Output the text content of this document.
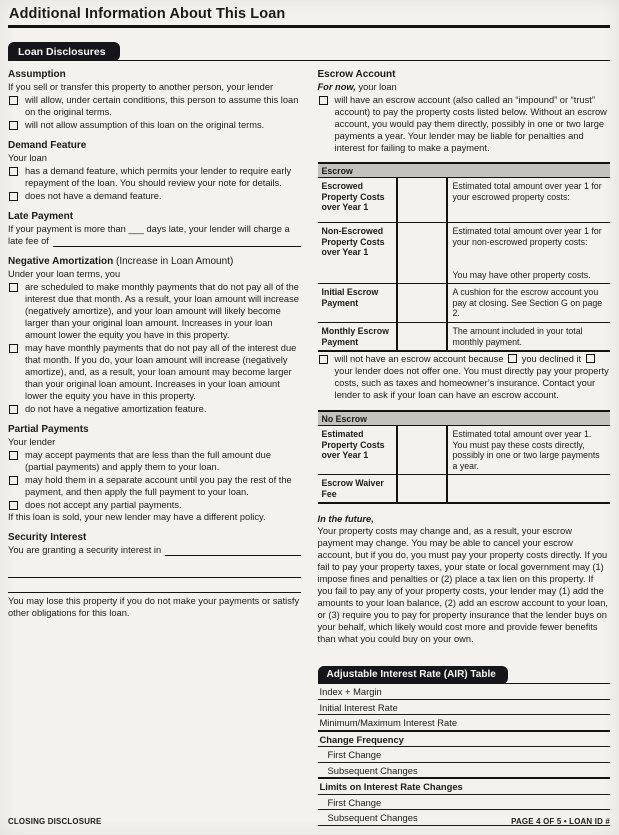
Additional Information About This Loan
Loan Disclosures
Assumption

If you sell or transfer this property to another person, your lender

will allow, under certain conditions, this person to assume this loan on the original terms.
will not allow assumption of this loan on the original terms.
Demand Feature

Your loan

has a demand feature, which permits your lender to require early repayment of the loan. You should review your note for details.
does not have a demand feature.
Late Payment

If your payment is more than ___ days late, your lender will charge a

late fee of
Negative Amortization (Increase in Loan Amount)

Under your loan terms, you

are scheduled to make monthly payments that do not pay all of the interest due that month. As a result, your loan amount will increase (negatively amortize), and your loan amount will likely become larger than your original loan amount. Increases in your loan amount lower the equity you have in this property.
may have monthly payments that do not pay all of the interest due that month. If you do, your loan amount will increase (negatively amortize), and, as a result, your loan amount may become larger than your original loan amount. Increases in your loan amount lower the equity you have in this property.
do not have a negative amortization feature.
Partial Payments

Your lender

may accept payments that are less than the full amount due (partial payments) and apply them to your loan.
may hold them in a separate account until you pay the rest of the payment, and then apply the full payment to your loan.
does not accept any partial payments.

If this loan is sold, your new lender may have a different policy.

Security Interest
You are granting a security interest in

You may lose this property if you do not make your payments or satisfy other obligations for this loan.

Escrow Account

For now, your loan

will have an escrow account (also called an “impound” or “trust” account) to pay the property costs listed below. Without an escrow account, you would pay them directly, possibly in one or two large payments a year. Your lender may be liable for penalties and interest for failing to make a payment.
Escrow
Escrowed Property Costs over Year 1
Estimated total amount over year 1 for your escrowed property costs:
Non-Escrowed Property Costs over Year 1
Estimated total amount over year 1 for your non-escrowed property costs:
You may have other property costs.
Initial Escrow Payment
A cushion for the escrow account you pay at closing. See Section G on page 2.
Monthly Escrow Payment
The amount included in your total monthly payment.
will not have an escrow account because you declined it  your lender does not offer one. You must directly pay your property costs, such as taxes and homeowner’s insurance. Contact your lender to ask if your loan can have an escrow account.
No Escrow
Estimated Property Costs over Year 1
Estimated total amount over year 1. You must pay these costs directly, possibly in one or two large payments a year.
Escrow Waiver Fee

In the future,

Your property costs may change and, as a result, your escrow payment may change. You may be able to cancel your escrow account, but if you do, you must pay your property costs directly. If you fail to pay your property taxes, your state or local government may (1) impose fines and penalties or (2) place a tax lien on this property. If you fail to pay any of your property costs, your lender may (1) add the amounts to your loan balance, (2) add an escrow account to your loan, or (3) require you to pay for property insurance that the lender buys on your behalf, which likely would cost more and provide fewer benefits than what you could buy on your own.

Adjustable Interest Rate (AIR) Table
Index + Margin
Initial Interest Rate
Minimum/Maximum Interest Rate
Change Frequency
First Change
Subsequent Changes
Limits on Interest Rate Changes
First Change
Subsequent Changes
CLOSING DISCLOSURE	PAGE 4 OF 5 • LOAN ID #
